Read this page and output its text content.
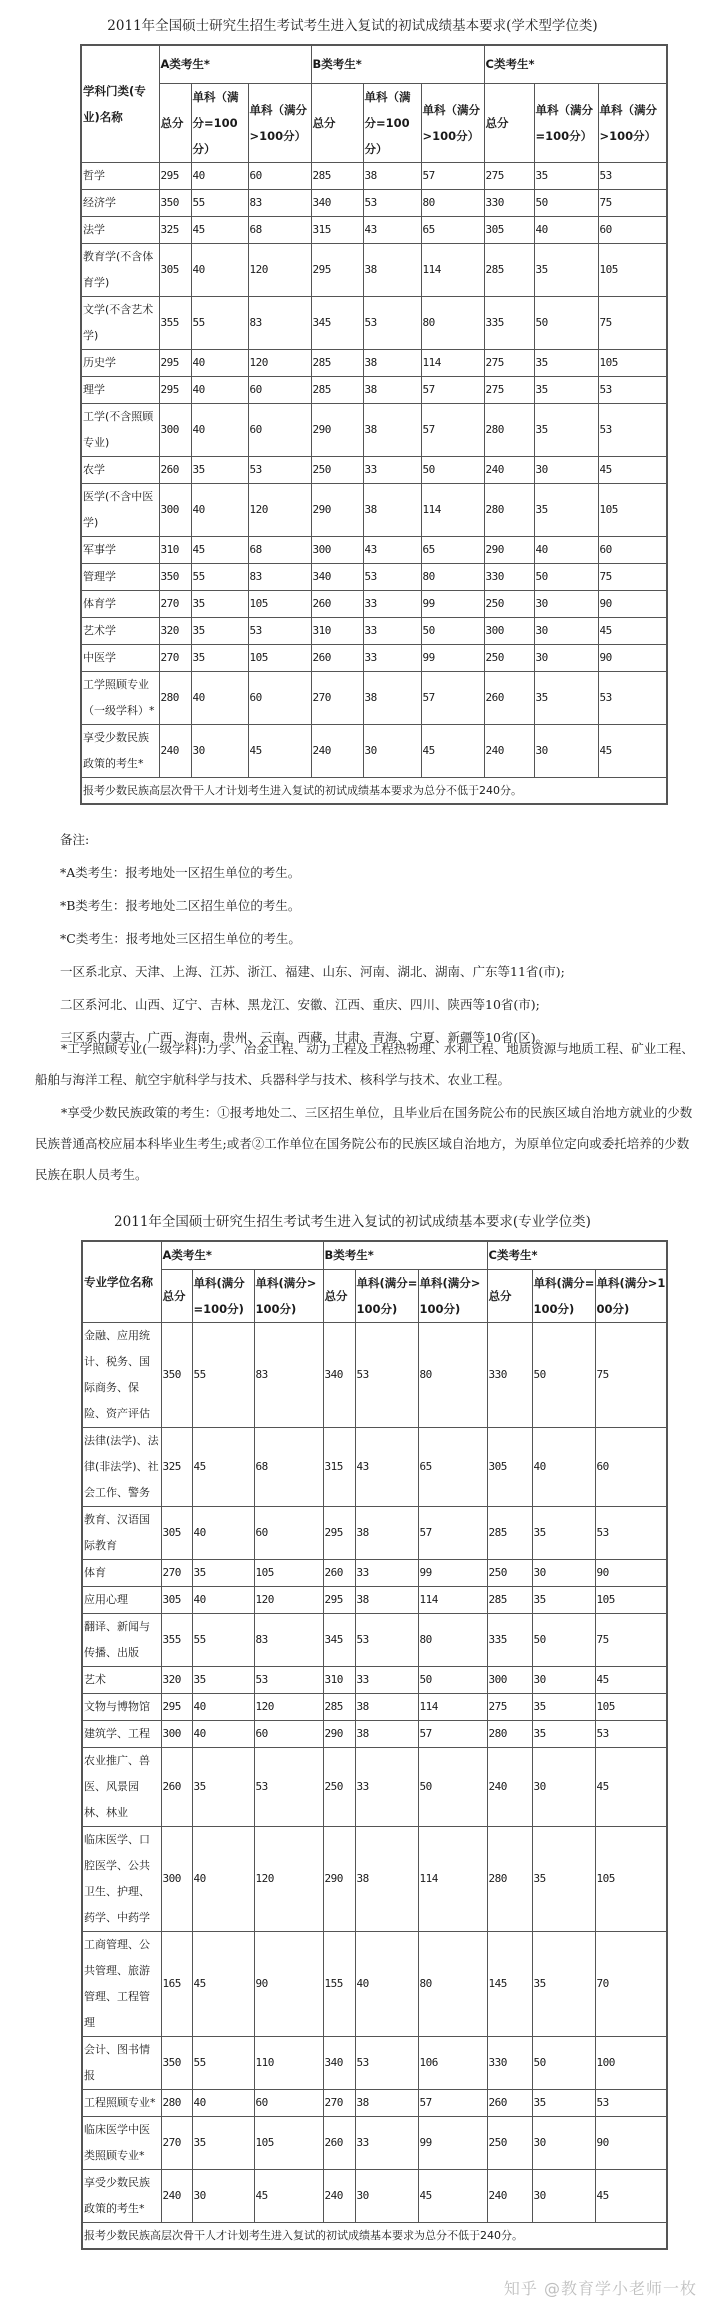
2011年全国硕士研究生招生考试考生进入复试的初试成绩基本要求(学术型学位类)
学科门类(专业)名称	A类考生*			B类考生*			C类考生*		
	总分	单科（满分=100分）	单科（满分>100分）	总分	单科（满分=100分）	单科（满分>100分）	总分	单科（满分=100分）	单科（满分>100分）
哲学	295	40	60	285	38	57	275	35	53
经济学	350	55	83	340	53	80	330	50	75
法学	325	45	68	315	43	65	305	40	60
教育学(不含体育学)	305	40	120	295	38	114	285	35	105
文学(不含艺术学)	355	55	83	345	53	80	335	50	75
历史学	295	40	120	285	38	114	275	35	105
理学	295	40	60	285	38	57	275	35	53
工学(不含照顾专业)	300	40	60	290	38	57	280	35	53
农学	260	35	53	250	33	50	240	30	45
医学(不含中医学)	300	40	120	290	38	114	280	35	105
军事学	310	45	68	300	43	65	290	40	60
管理学	350	55	83	340	53	80	330	50	75
体育学	270	35	105	260	33	99	250	30	90
艺术学	320	35	53	310	33	50	300	30	45
中医学	270	35	105	260	33	99	250	30	90
工学照顾专业（一级学科）*	280	40	60	270	38	57	260	35	53
享受少数民族政策的考生*	240	30	45	240	30	45	240	30	45
报考少数民族高层次骨干人才计划考生进入复试的初试成绩基本要求为总分不低于240分。									

备注:

*A类考生：报考地处一区招生单位的考生。

*B类考生：报考地处二区招生单位的考生。

*C类考生：报考地处三区招生单位的考生。

一区系北京、天津、上海、江苏、浙江、福建、山东、河南、湖北、湖南、广东等11省(市);

二区系河北、山西、辽宁、吉林、黑龙江、安徽、江西、重庆、四川、陕西等10省(市);

三区系内蒙古、广西、海南、贵州、云南、西藏、甘肃、青海、宁夏、新疆等10省(区)。

*工学照顾专业(一级学科):力学、冶金工程、动力工程及工程热物理、水利工程、地质资源与地质工程、矿业工程、船舶与海洋工程、航空宇航科学与技术、兵器科学与技术、核科学与技术、农业工程。
*享受少数民族政策的考生：①报考地处二、三区招生单位，且毕业后在国务院公布的民族区域自治地方就业的少数民族普通高校应届本科毕业生考生;或者②工作单位在国务院公布的民族区域自治地方，为原单位定向或委托培养的少数民族在职人员考生。
2011年全国硕士研究生招生考试考生进入复试的初试成绩基本要求(专业学位类)
专业学位名称	A类考生*			B类考生*			C类考生*		
	总分	单科(满分=100分)	单科(满分>100分)	总分	单科(满分=100分)	单科(满分>100分)	总分	单科(满分=100分)	单科(满分>100分)
金融、应用统计、税务、国际商务、保险、资产评估	350	55	83	340	53	80	330	50	75
法律(法学)、法律(非法学)、社会工作、警务	325	45	68	315	43	65	305	40	60
教育、汉语国际教育	305	40	60	295	38	57	285	35	53
体育	270	35	105	260	33	99	250	30	90
应用心理	305	40	120	295	38	114	285	35	105
翻译、新闻与传播、出版	355	55	83	345	53	80	335	50	75
艺术	320	35	53	310	33	50	300	30	45
文物与博物馆	295	40	120	285	38	114	275	35	105
建筑学、工程	300	40	60	290	38	57	280	35	53
农业推广、兽医、风景园林、林业	260	35	53	250	33	50	240	30	45
临床医学、口腔医学、公共卫生、护理、药学、中药学	300	40	120	290	38	114	280	35	105
工商管理、公共管理、旅游管理、工程管理	165	45	90	155	40	80	145	35	70
会计、图书情报	350	55	110	340	53	106	330	50	100
工程照顾专业*	280	40	60	270	38	57	260	35	53
临床医学中医类照顾专业*	270	35	105	260	33	99	250	30	90
享受少数民族政策的考生*	240	30	45	240	30	45	240	30	45
报考少数民族高层次骨干人才计划考生进入复试的初试成绩基本要求为总分不低于240分。									
知乎 @教育学小老师一枚
